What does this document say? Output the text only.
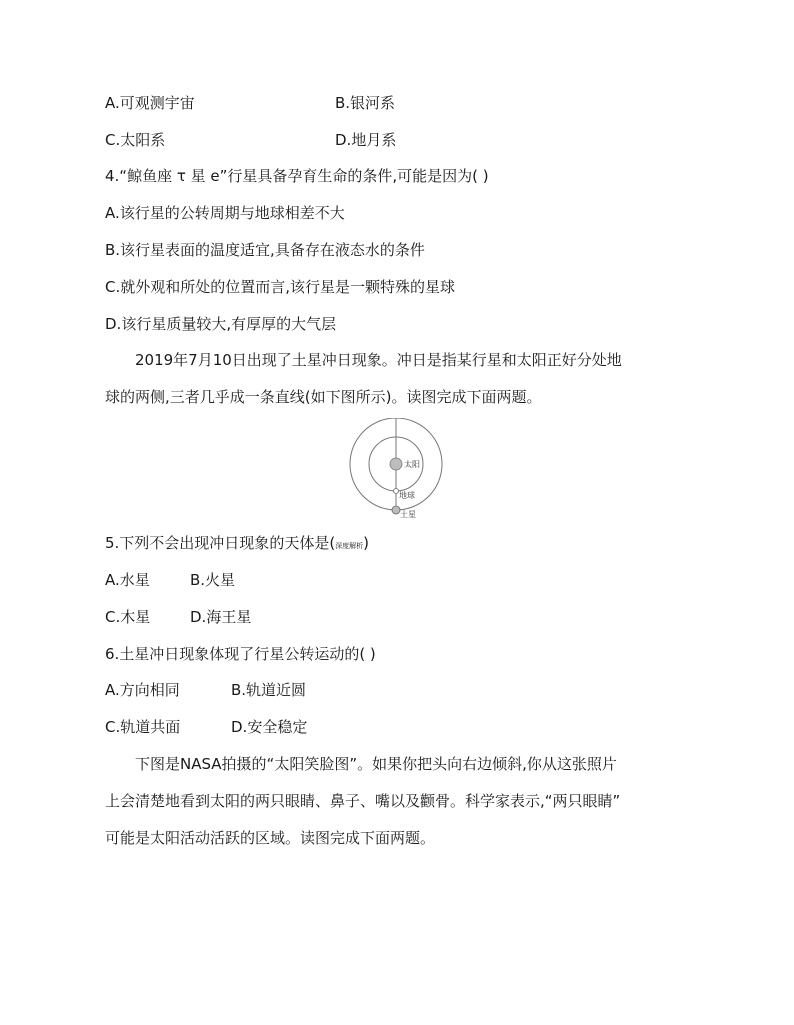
A.可观测宇宙	B.银河系
C.太阳系	D.地月系
4.“鲸鱼座 τ 星 e”行星具备孕育生命的条件,可能是因为( )
A.该行星的公转周期与地球相差不大
B.该行星表面的温度适宜,具备存在液态水的条件
C.就外观和所处的位置而言,该行星是一颗特殊的星球
D.该行星质量较大,有厚厚的大气层
2019年7月10日出现了土星冲日现象。冲日是指某行星和太阳正好分处地
球的两侧,三者几乎成一条直线(如下图所示)。读图完成下面两题。
太阳
地球
土星
5.下列不会出现冲日现象的天体是(深度解析)
A.水星	B.火星
C.木星	D.海王星
6.土星冲日现象体现了行星公转运动的( )
A.方向相同	B.轨道近圆
C.轨道共面	D.安全稳定
下图是NASA拍摄的“太阳笑脸图”。如果你把头向右边倾斜,你从这张照片
上会清楚地看到太阳的两只眼睛、鼻子、嘴以及颧骨。科学家表示,“两只眼睛”
可能是太阳活动活跃的区域。读图完成下面两题。
